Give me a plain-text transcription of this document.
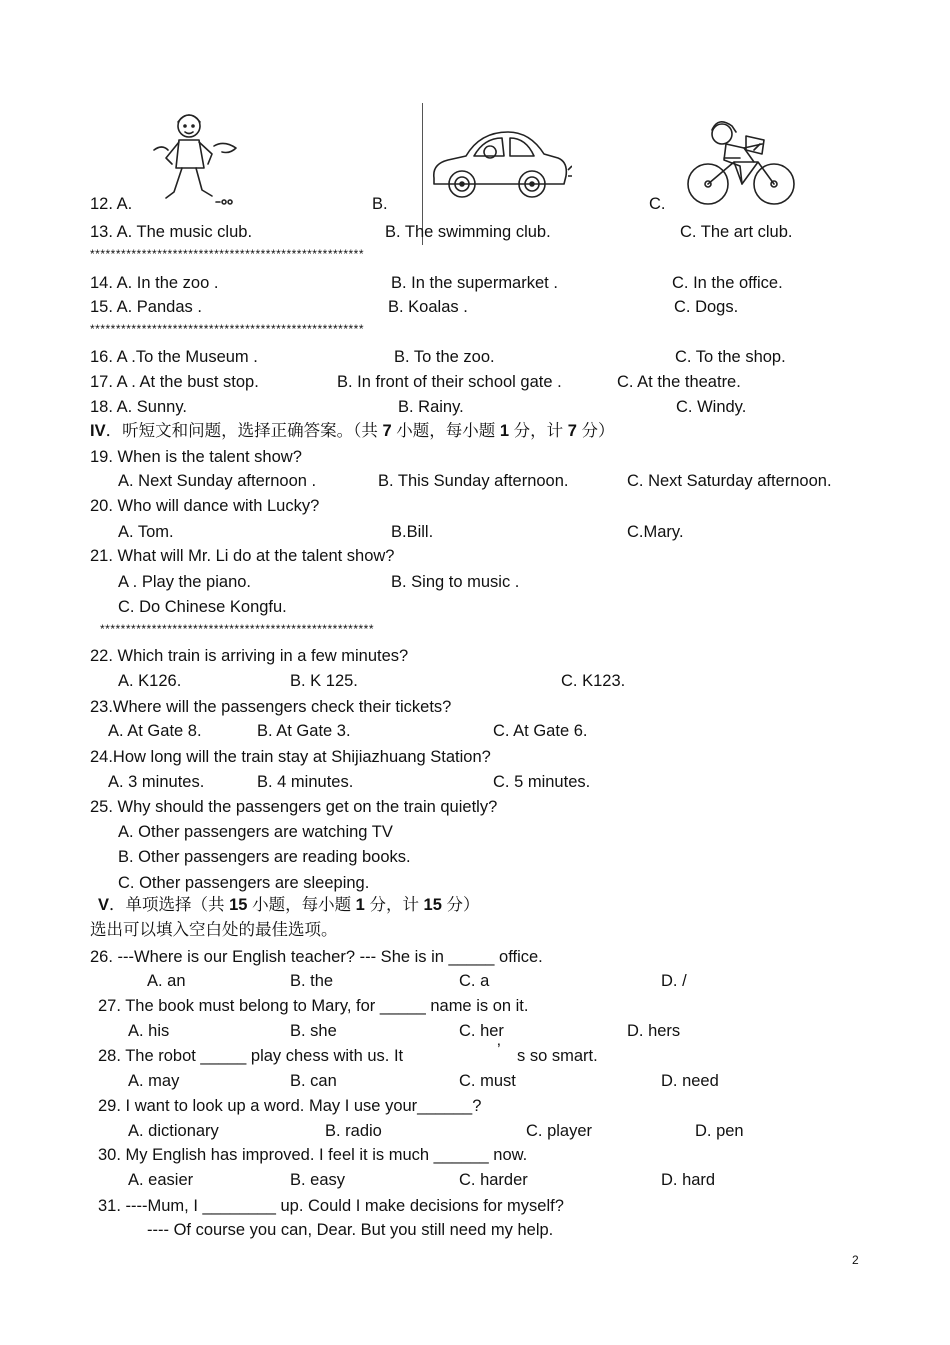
12. A.	B.	C.
13. A. The music club.	B. The swimming club.	C. The art club.
*****************************************************
14. A. In the zoo .	B. In the supermarket .	C. In the office.
15. A. Pandas .	B. Koalas .	C. Dogs.
*****************************************************
16. A .To the Museum .	B. To the zoo.	C. To the shop.
17. A . At the bust stop.	B. In front of their school gate .	C. At the theatre.
18. A. Sunny.	B. Rainy.	C. Windy.
IV．听短文和问题，选择正确答案。（共 7 小题，每小题 1 分，计 7 分）
19. When is the talent show?
A. Next Sunday afternoon .	B. This Sunday afternoon.	C. Next Saturday afternoon.
20. Who will dance with Lucky?
A. Tom.	B.Bill.	C.Mary.
21. What will Mr. Li do at the talent show?
A . Play the piano.	B. Sing to music .
C. Do Chinese Kongfu.
*****************************************************
22. Which train is arriving in a few minutes?
A. K126.	B. K 125.	C. K123.
23.Where will the passengers check their tickets?
A. At Gate 8.	B. At Gate 3.	C. At Gate 6.
24.How long will the train stay at Shijiazhuang Station?
A. 3 minutes.	B. 4 minutes.	C. 5 minutes.
25. Why should the passengers get on the train quietly?
A. Other passengers are watching TV
B. Other passengers are reading books.
C. Other passengers are sleeping.
V．单项选择（共 15 小题，每小题 1 分，计 15 分）
选出可以填入空白处的最佳选项。
26. ---Where is our English teacher? --- She is in _____ office.
A. an	B. the	C. a	D. /
27. The book must belong to Mary, for _____ name is on it.
A. his	B. she	C. her	D. hers
28. The robot _____ play chess with us. It	’ s so smart.
A. may	B. can	C. must	D. need
29. I want to look up a word. May I use your______?
A. dictionary	B. radio	C. player	D. pen
30. My English has improved. I feel it is much ______ now.
A. easier	B. easy	C. harder	D. hard
31. ----Mum, I ________ up. Could I make decisions for myself?
---- Of course you can, Dear. But you still need my help.
2
